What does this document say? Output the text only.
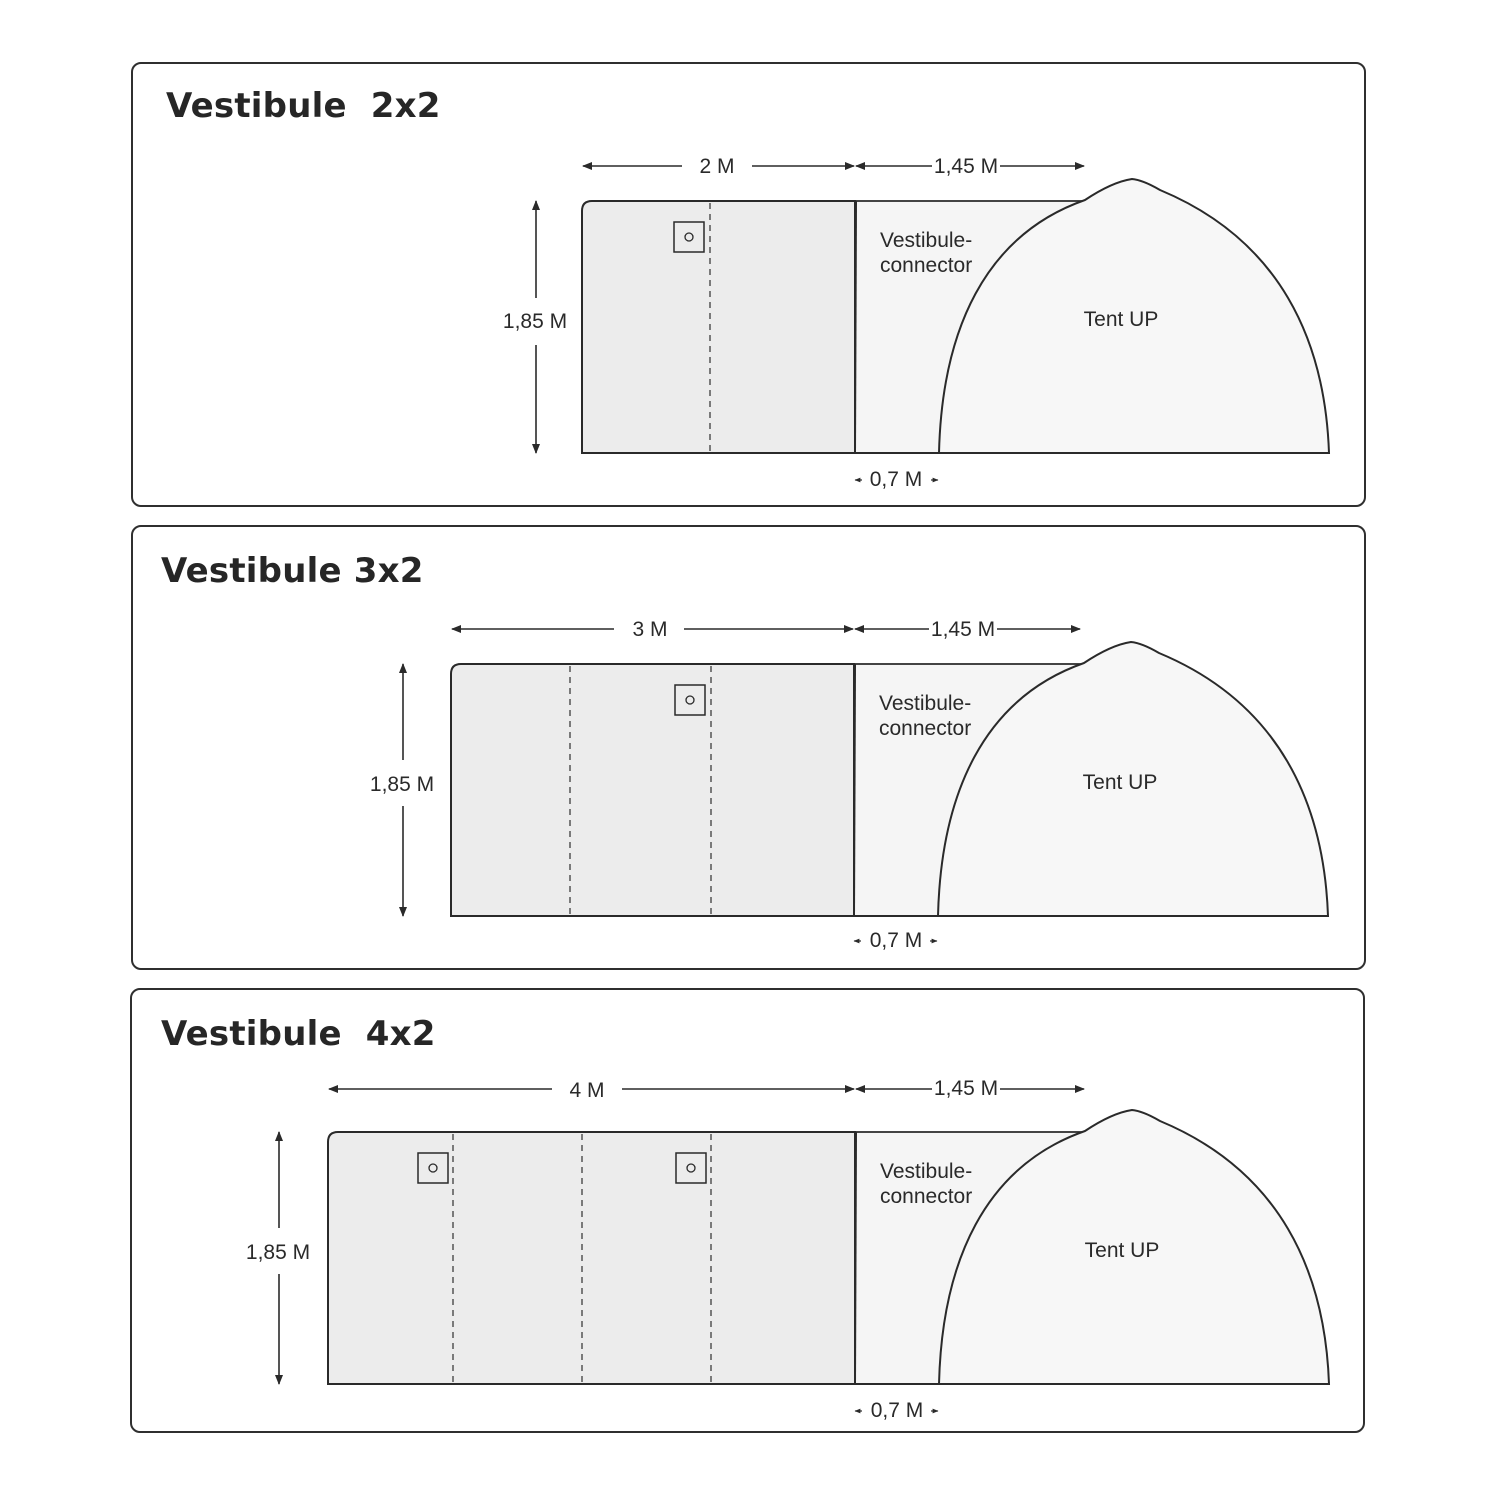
Vestibule  2x2
Vestibule 3x2
Vestibule  4x2
2 M	1,45 M
1,85 M
0,7 M
Vestibule-
connector
Tent UP
3 M	1,45 M
1,85 M
0,7 M
Vestibule-
connector
Tent UP
4 M	1,45 M
1,85 M
0,7 M
Vestibule-
connector
Tent UP
